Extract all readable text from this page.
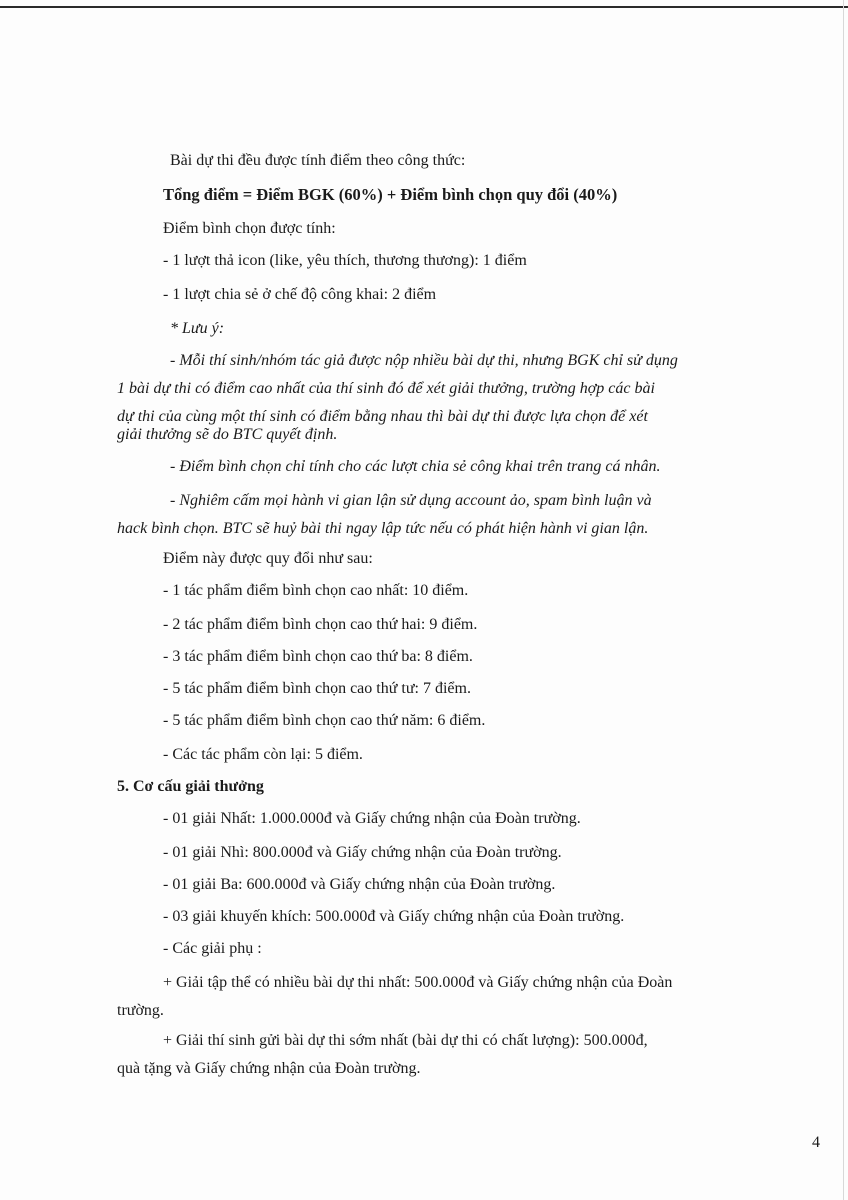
Bài dự thi đều được tính điểm theo công thức:
Tổng điểm = Điểm BGK (60%) + Điểm bình chọn quy đổi (40%)
Điểm bình chọn được tính:
- 1 lượt thả icon (like, yêu thích, thương thương): 1 điểm
- 1 lượt chia sẻ ở chế độ công khai: 2 điểm
* Lưu ý:
- Mỗi thí sinh/nhóm tác giả được nộp nhiều bài dự thi, nhưng BGK chỉ sử dụng
1 bài dự thi có điểm cao nhất của thí sinh đó để xét giải thưởng, trường hợp các bài
dự thi của cùng một thí sinh có điểm bằng nhau thì bài dự thi được lựa chọn để xét
giải thưởng sẽ do BTC quyết định.
- Điểm bình chọn chỉ tính cho các lượt chia sẻ công khai trên trang cá nhân.
- Nghiêm cấm mọi hành vi gian lận sử dụng account ảo, spam bình luận và
hack bình chọn. BTC sẽ huỷ bài thi ngay lập tức nếu có phát hiện hành vi gian lận.
Điểm này được quy đổi như sau:
- 1 tác phẩm điểm bình chọn cao nhất: 10 điểm.
- 2 tác phẩm điểm bình chọn cao thứ hai: 9 điểm.
- 3 tác phẩm điểm bình chọn cao thứ ba: 8 điểm.
- 5 tác phẩm điểm bình chọn cao thứ tư: 7 điểm.
- 5 tác phẩm điểm bình chọn cao thứ năm: 6 điểm.
- Các tác phẩm còn lại: 5 điểm.
5. Cơ cấu giải thưởng
- 01 giải Nhất: 1.000.000đ và Giấy chứng nhận của Đoàn trường.
- 01 giải Nhì: 800.000đ và Giấy chứng nhận của Đoàn trường.
- 01 giải Ba: 600.000đ và Giấy chứng nhận của Đoàn trường.
- 03 giải khuyến khích: 500.000đ và Giấy chứng nhận của Đoàn trường.
- Các giải phụ :
+ Giải tập thể có nhiều bài dự thi nhất: 500.000đ và Giấy chứng nhận của Đoàn
trường.
+ Giải thí sinh gửi bài dự thi sớm nhất (bài dự thi có chất lượng): 500.000đ,
quà tặng và Giấy chứng nhận của Đoàn trường.
4
